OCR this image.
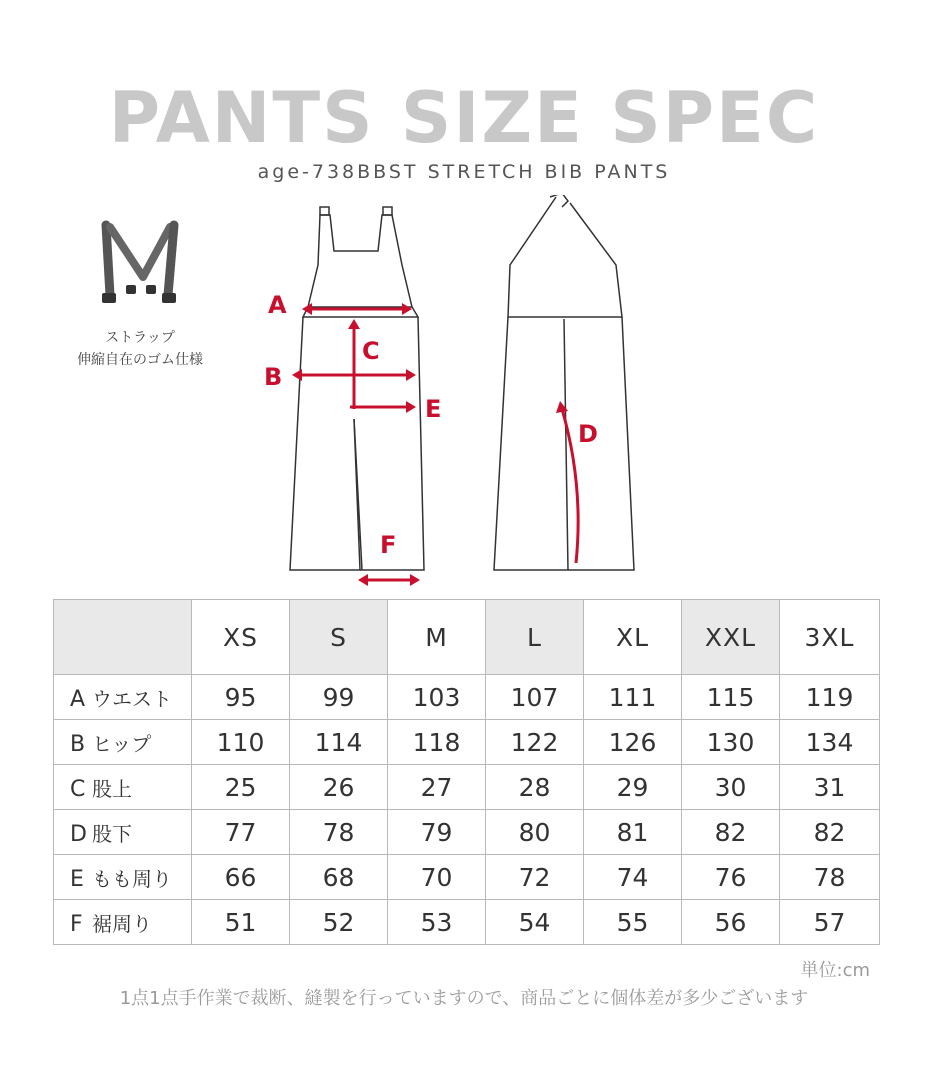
PANTS SIZE SPEC
age-738BBST STRETCH BIB PANTS
ストラップ
伸縮自在のゴム仕様
A
C
B
E
D
F
	XS	S	M	L	XL	XXL	3XL
A ウエスト	95	99	103	107	111	115	119
B ヒップ	110	114	118	122	126	130	134
C 股上	25	26	27	28	29	30	31
D 股下	77	78	79	80	81	82	82
E もも周り	66	68	70	72	74	76	78
F 裾周り	51	52	53	54	55	56	57
単位:cm
1点1点手作業で裁断、縫製を行っていますので、商品ごとに個体差が多少ございます
